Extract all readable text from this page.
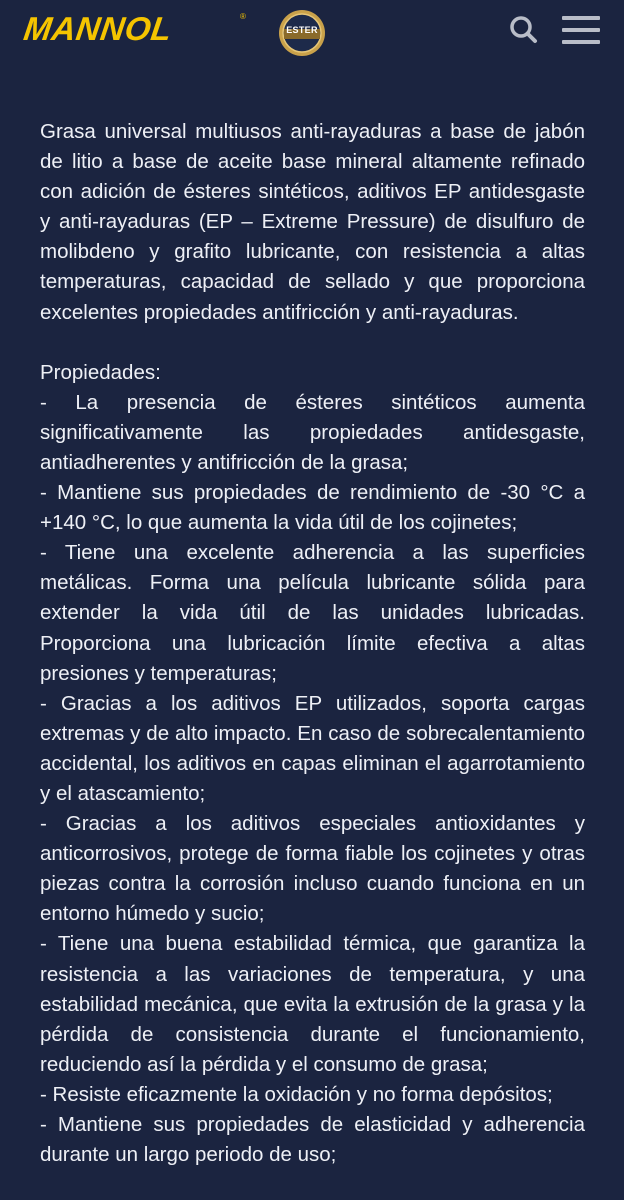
MANNOL	®
ESTER

Grasa universal multiusos anti-rayaduras a base de jabón de litio a base de aceite base mineral altamente refinado con adición de ésteres sintéticos, aditivos EP antidesgaste y anti-rayaduras (EP – Extreme Pressure) de disulfuro de molibdeno y grafito lubricante, con resistencia a altas temperaturas, capacidad de sellado y que proporciona excelentes propiedades antifricción y anti-rayaduras.

Propiedades:

- La presencia de ésteres sintéticos aumenta significativamente las propiedades antidesgaste, antiadherentes y antifricción de la grasa;

- Mantiene sus propiedades de rendimiento de -30 °C a +140 °C, lo que aumenta la vida útil de los cojinetes;

- Tiene una excelente adherencia a las superficies metálicas. Forma una película lubricante sólida para extender la vida útil de las unidades lubricadas. Proporciona una lubricación límite efectiva a altas presiones y temperaturas;

- Gracias a los aditivos EP utilizados, soporta cargas extremas y de alto impacto. En caso de sobrecalentamiento accidental, los aditivos en capas eliminan el agarrotamiento y el atascamiento;

- Gracias a los aditivos especiales antioxidantes y anticorrosivos, protege de forma fiable los cojinetes y otras piezas contra la corrosión incluso cuando funciona en un entorno húmedo y sucio;

- Tiene una buena estabilidad térmica, que garantiza la resistencia a las variaciones de temperatura, y una estabilidad mecánica, que evita la extrusión de la grasa y la pérdida de consistencia durante el funcionamiento, reduciendo así la pérdida y el consumo de grasa;

- Resiste eficazmente la oxidación y no forma depósitos;

- Mantiene sus propiedades de elasticidad y adherencia durante un largo periodo de uso;
